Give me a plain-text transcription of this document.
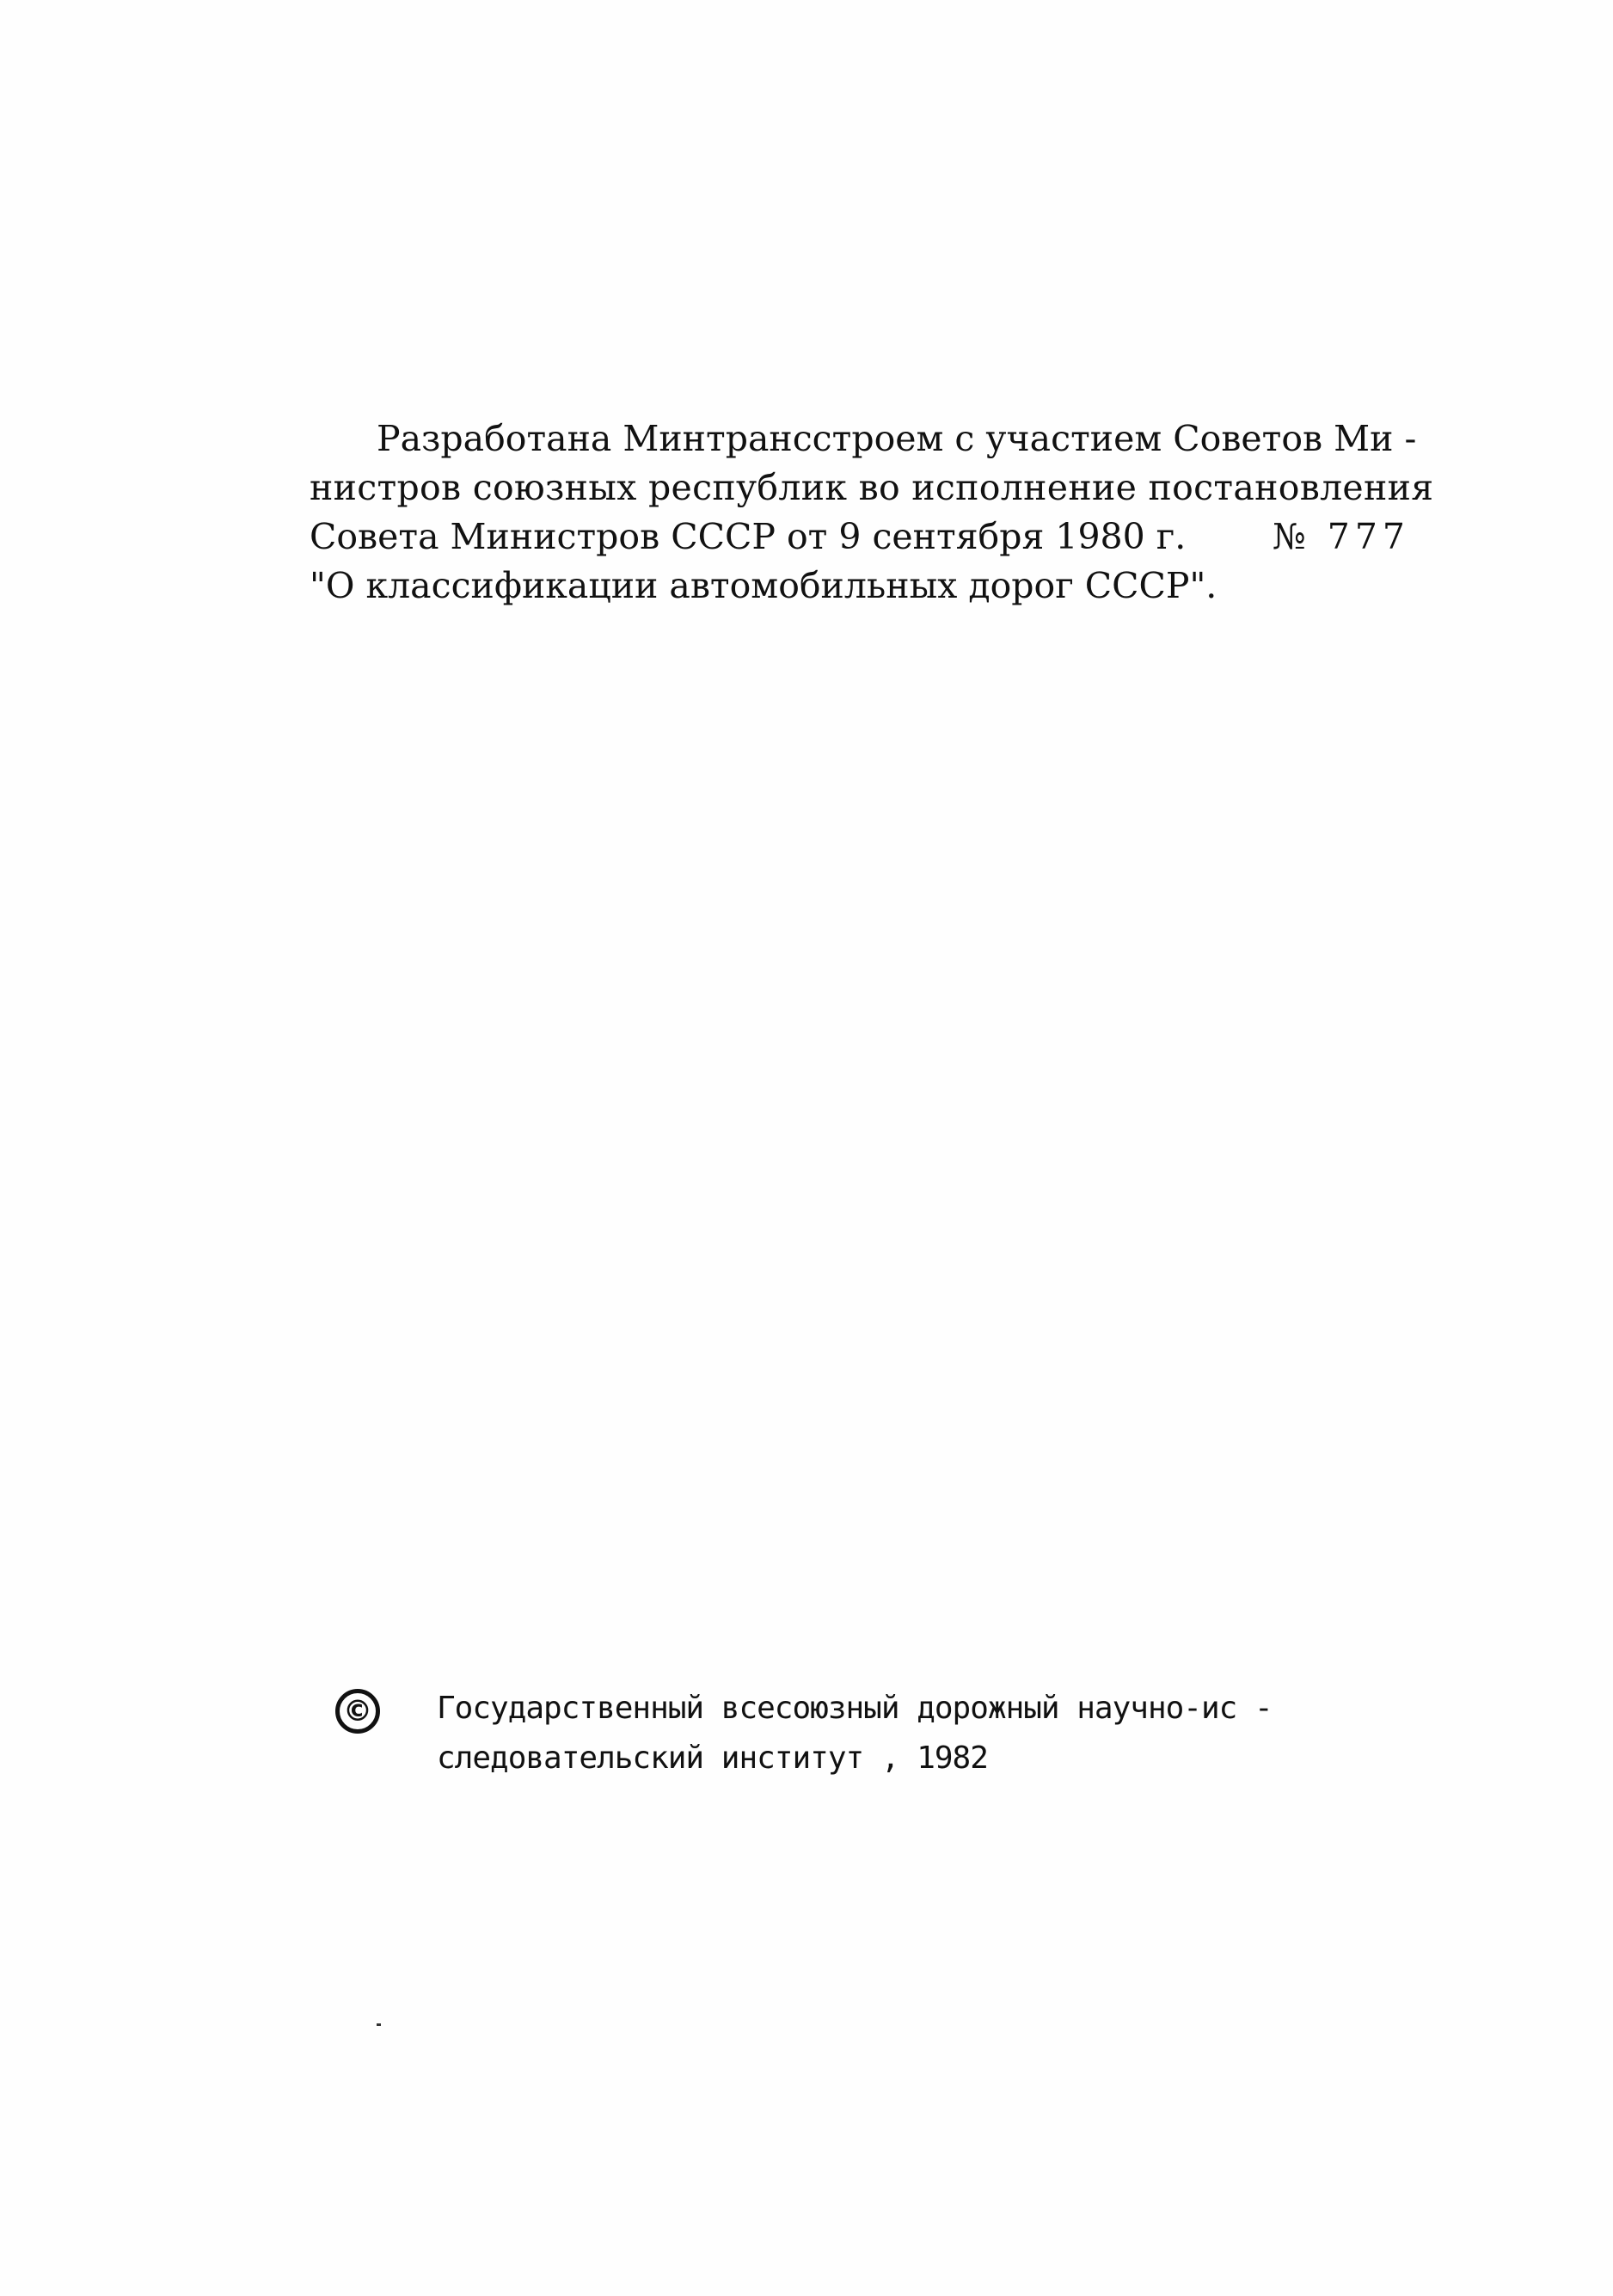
Разработана Минтрансстроем с участием Советов Ми -
нистров союзных республик во исполнение постановления
Совета Министров СССР от 9 сентября 1980 г. № 777
"О классификации автомобильных дорог СССР".
© Государственный всесоюзный дорожный научно-ис -
следовательский институт , 1982
